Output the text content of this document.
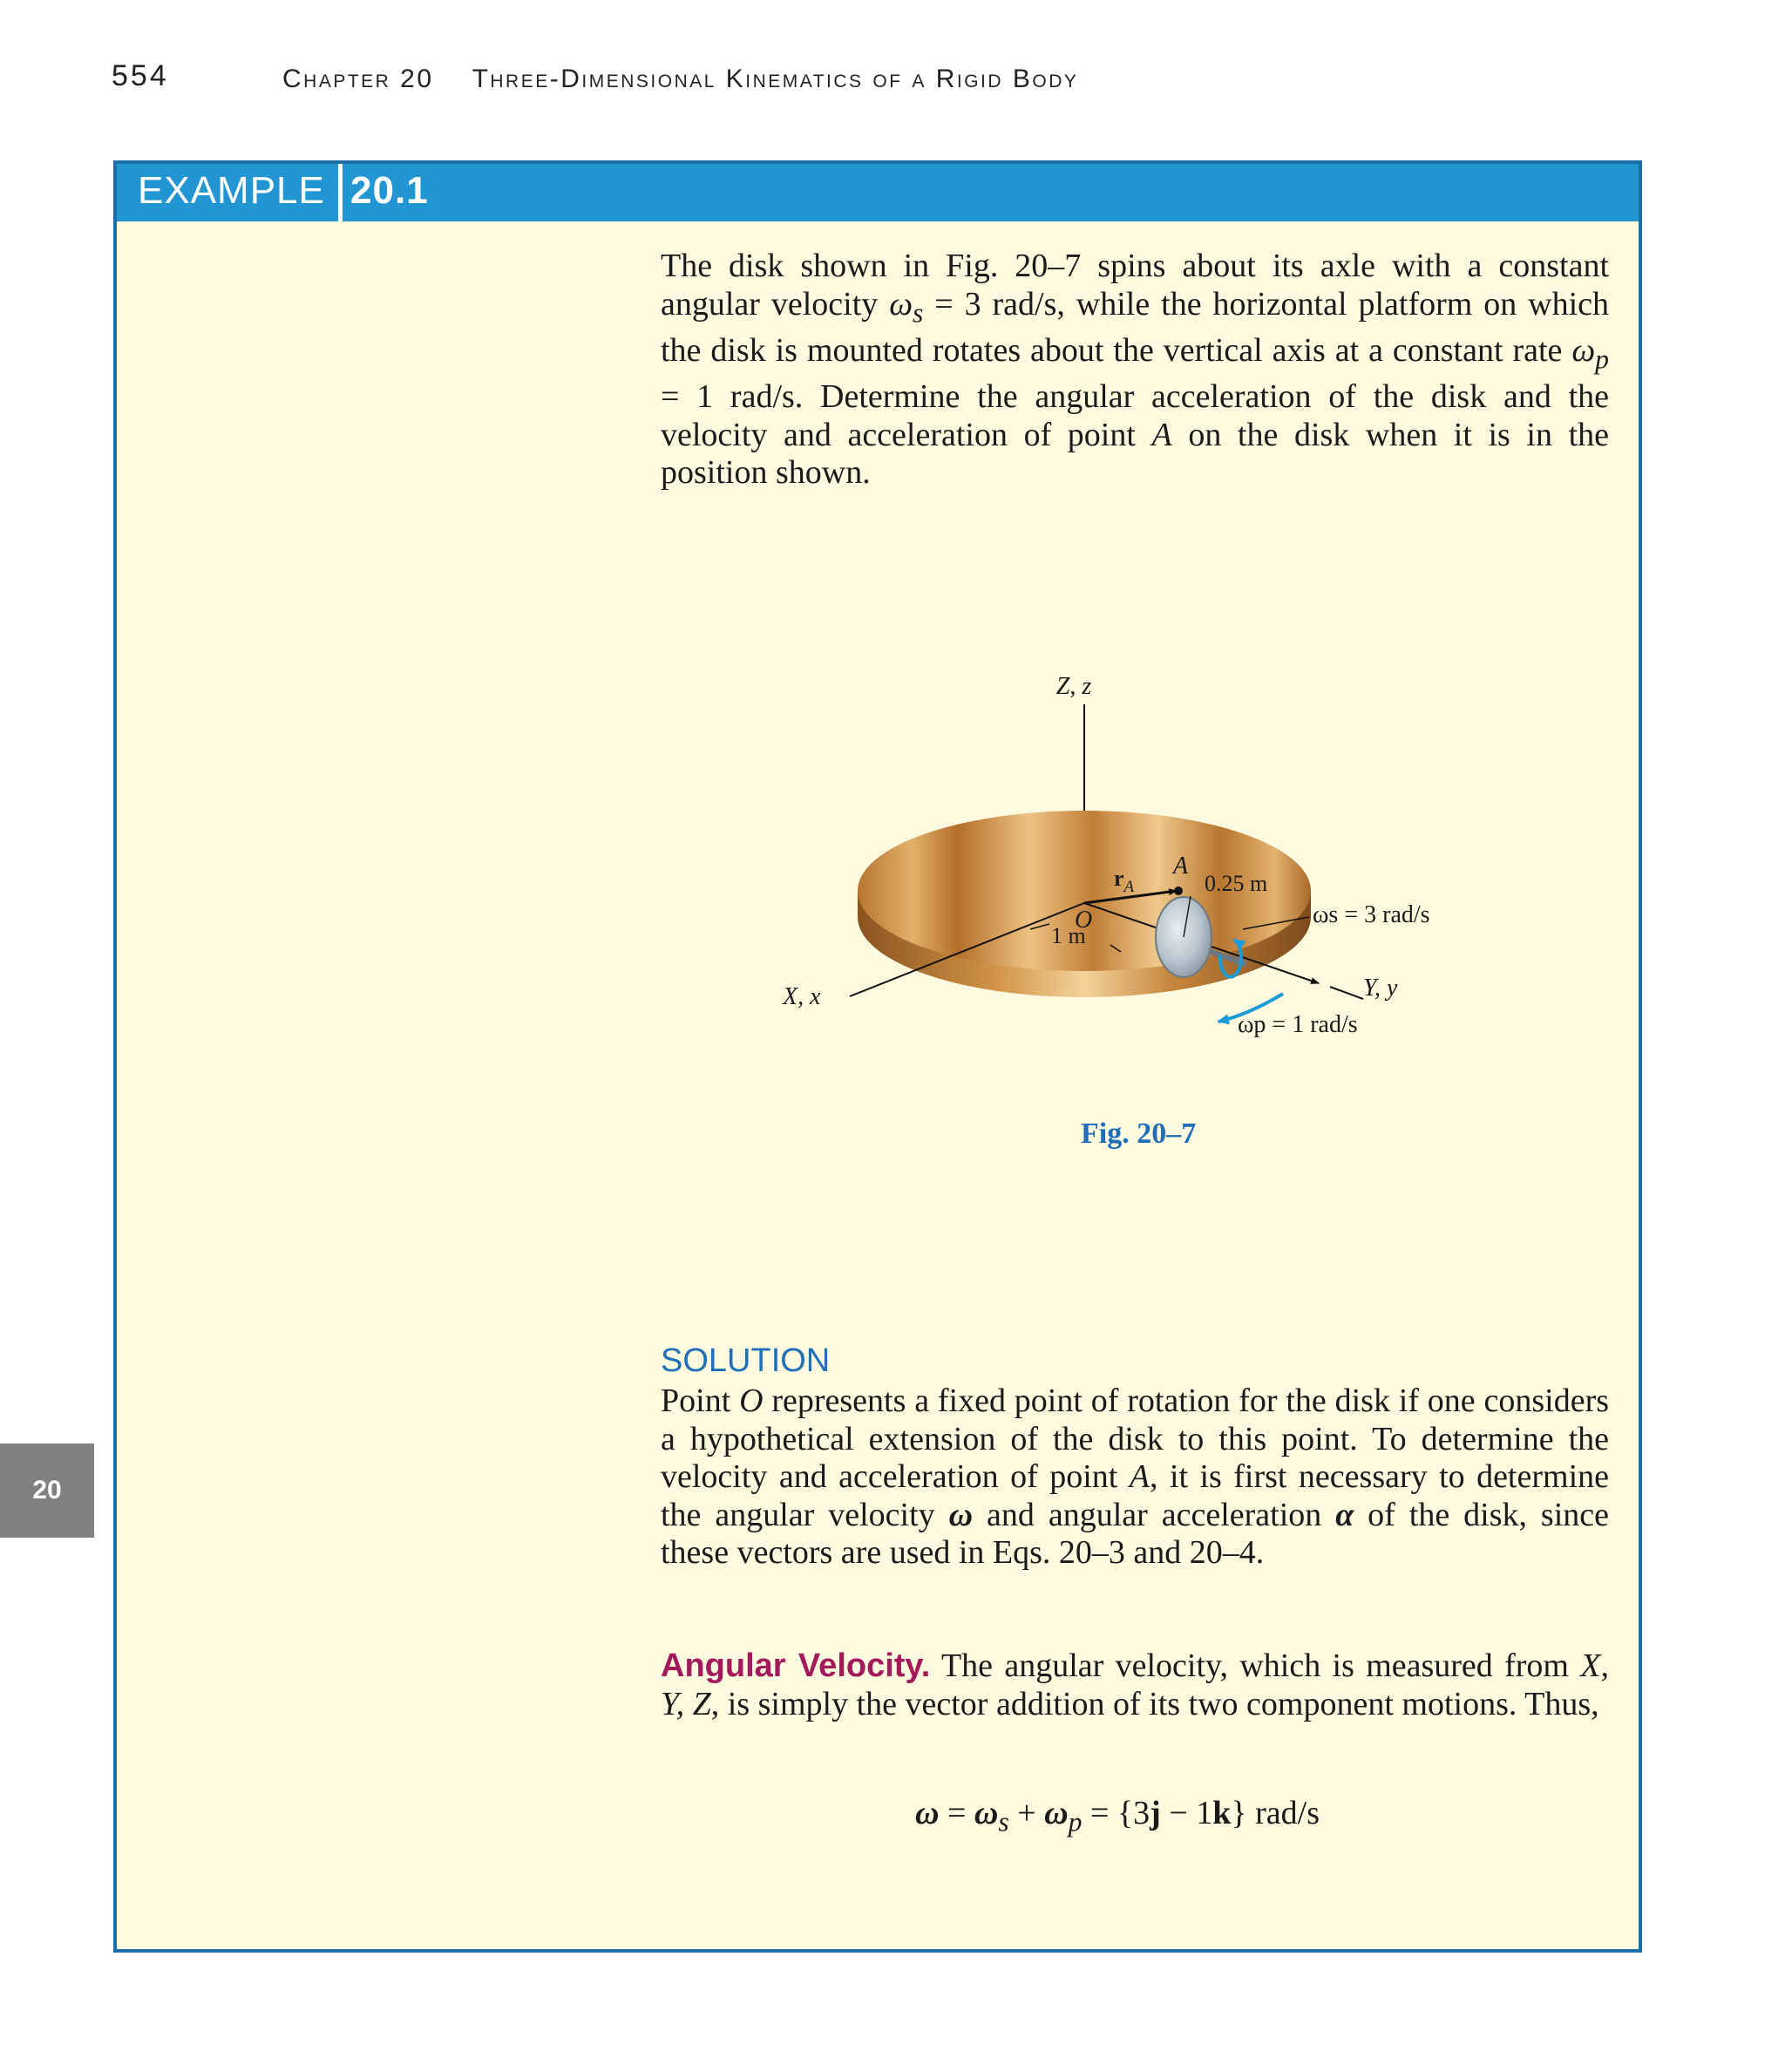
554	Chapter 20 Three-Dimensional Kinematics of a Rigid Body
EXAMPLE 20.1
The disk shown in Fig. 20–7 spins about its axle with a constant angular velocity $\omega_s = 3$ rad/s, while the horizontal platform on which the disk is mounted rotates about the vertical axis at a constant rate $\omega_p = 1$ rad/s. Determine the angular acceleration of the disk and the velocity and acceleration of point A on the disk when it is in the position shown.
Z, z
X, x	Y, y
$r_A$
A
O
1 m
0.25 m
ωs = 3 rad/s
ωp = 1 rad/s
Fig. 20–7
SOLUTION
Point O represents a fixed point of rotation for the disk if one considers a hypothetical extension of the disk to this point. To determine the velocity and acceleration of point A, it is first necessary to determine the angular velocity ω and angular acceleration α of the disk, since these vectors are used in Eqs. 20–3 and 20–4.
Angular Velocity. The angular velocity, which is measured from X, Y, Z, is simply the vector addition of its two component motions. Thus,
$\omega = \omega_s + \omega_p = \{3j - 1k\}$ rad/s
20
